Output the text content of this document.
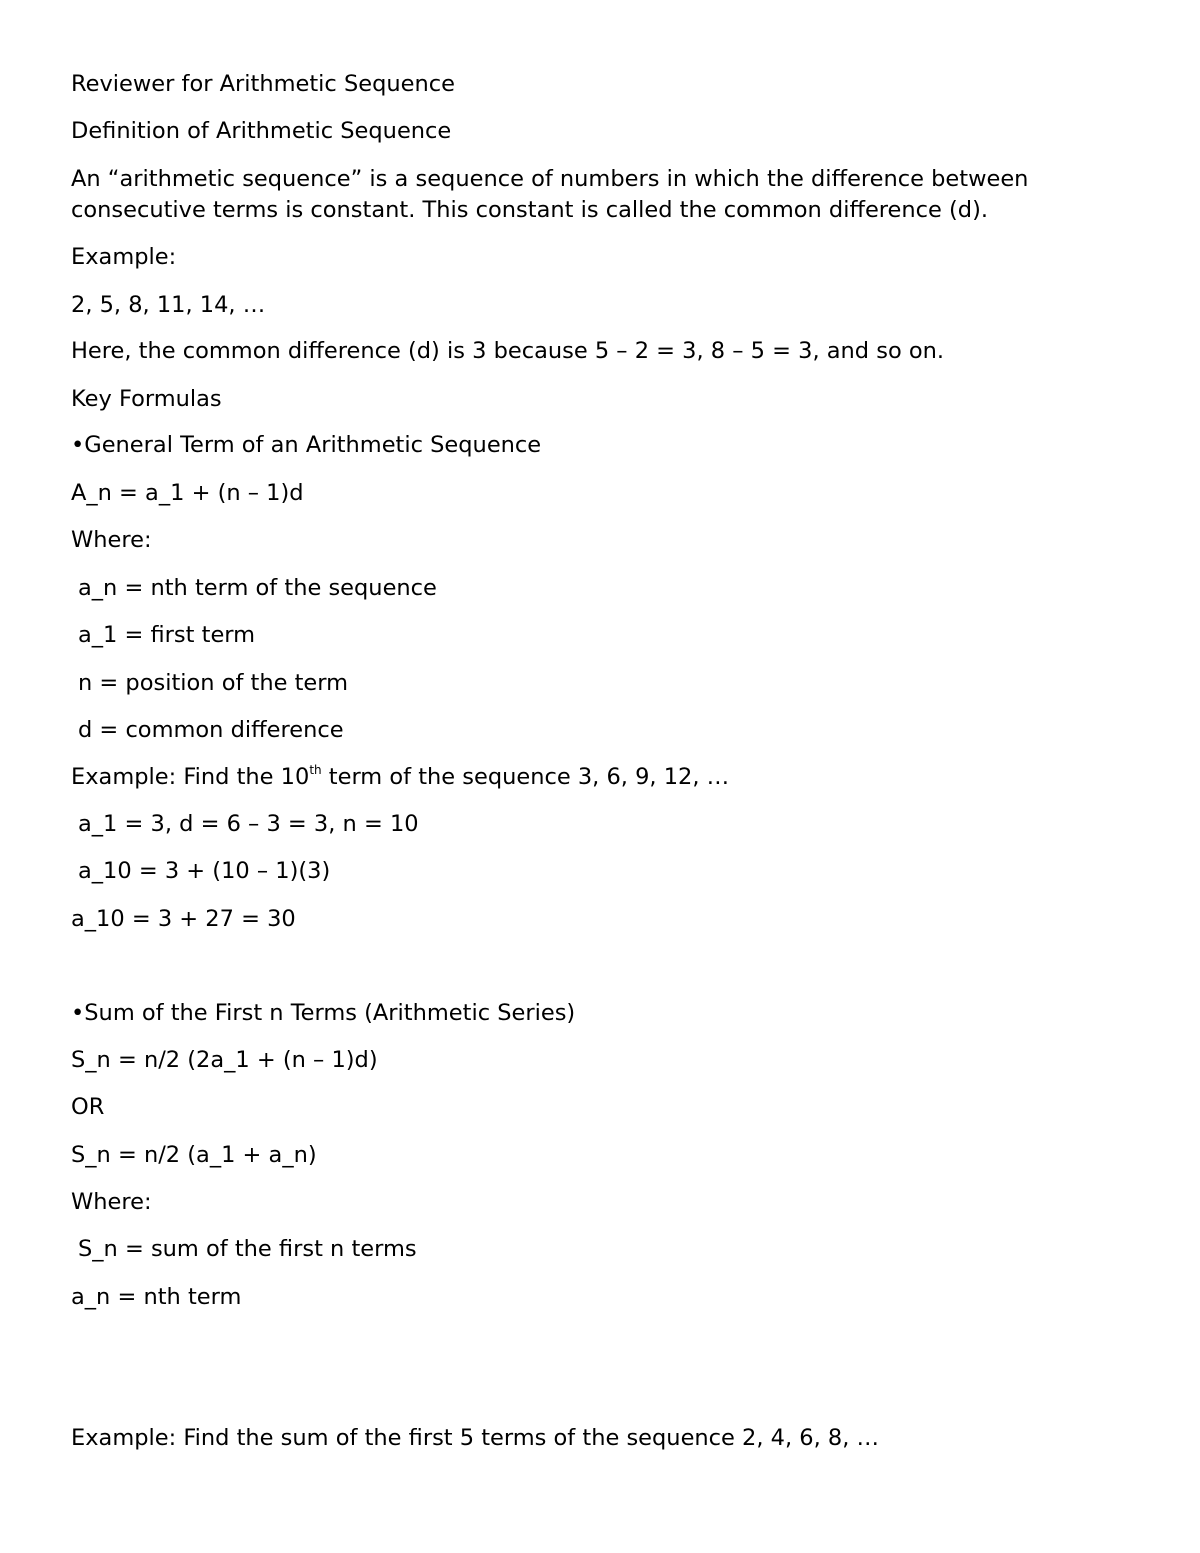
Reviewer for Arithmetic Sequence
Definition of Arithmetic Sequence
An “arithmetic sequence” is a sequence of numbers in which the difference between consecutive terms is constant. This constant is called the common difference (d).
Example:
2, 5, 8, 11, 14, …
Here, the common difference (d) is 3 because 5 – 2 = 3, 8 – 5 = 3, and so on.
Key Formulas
•General Term of an Arithmetic Sequence
A_n = a_1 + (n – 1)d
Where:
a_n = nth term of the sequence
a_1 = first term
n = position of the term
d = common difference
Example: Find the 10th term of the sequence 3, 6, 9, 12, …
a_1 = 3, d = 6 – 3 = 3, n = 10
a_10 = 3 + (10 – 1)(3)
a_10 = 3 + 27 = 30
•Sum of the First n Terms (Arithmetic Series)
S_n = n/2 (2a_1 + (n – 1)d)
OR
S_n = n/2 (a_1 + a_n)
Where:
S_n = sum of the first n terms
a_n = nth term
Example: Find the sum of the first 5 terms of the sequence 2, 4, 6, 8, …
